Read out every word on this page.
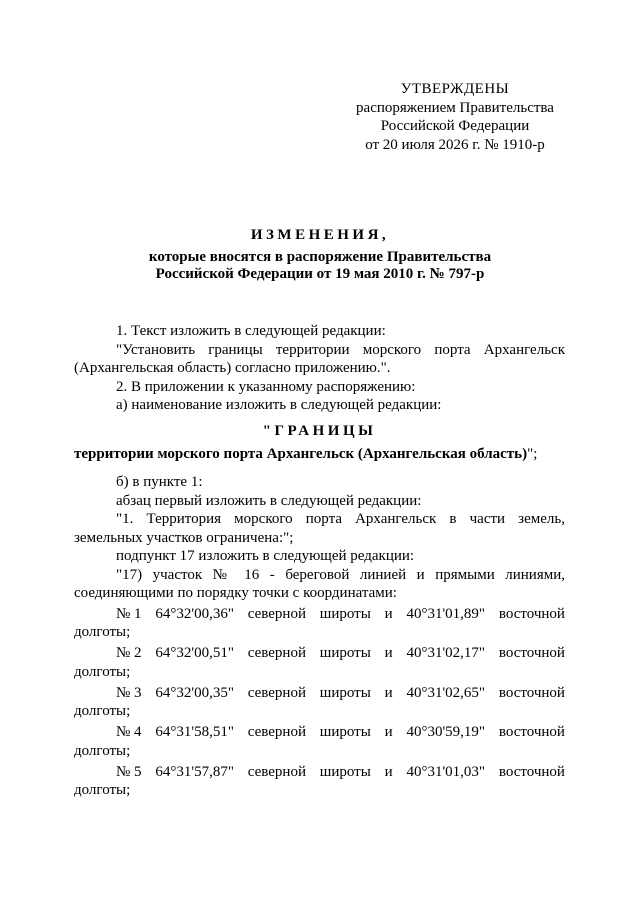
УТВЕРЖДЕНЫ
распоряжением Правительства
Российской Федерации
от 20 июля 2026 г. № 1910-р
ИЗМЕНЕНИЯ,
которые вносятся в распоряжение Правительства
Российской Федерации от 19 мая 2010 г. № 797-р
1. Текст изложить в следующей редакции:
"Установить границы территории морского порта Архангельск (Архангельская область) согласно приложению.".
2. В приложении к указанному распоряжению:
а) наименование изложить в следующей редакции:
"ГРАНИЦЫ
территории морского порта Архангельск (Архангельская область)";
б) в пункте 1:
абзац первый изложить в следующей редакции:
"1. Территория морского порта Архангельск в части земель, земельных участков ограничена:";
подпункт 17 изложить в следующей редакции:
"17) участок № 16 - береговой линией и прямыми линиями, соединяющими по порядку точки с координатами:
№ 1 64°32'00,36" северной широты и 40°31'01,89" восточной
долготы;
№ 2 64°32'00,51" северной широты и 40°31'02,17" восточной
долготы;
№ 3 64°32'00,35" северной широты и 40°31'02,65" восточной
долготы;
№ 4 64°31'58,51" северной широты и 40°30'59,19" восточной
долготы;
№ 5 64°31'57,87" северной широты и 40°31'01,03" восточной
долготы;
